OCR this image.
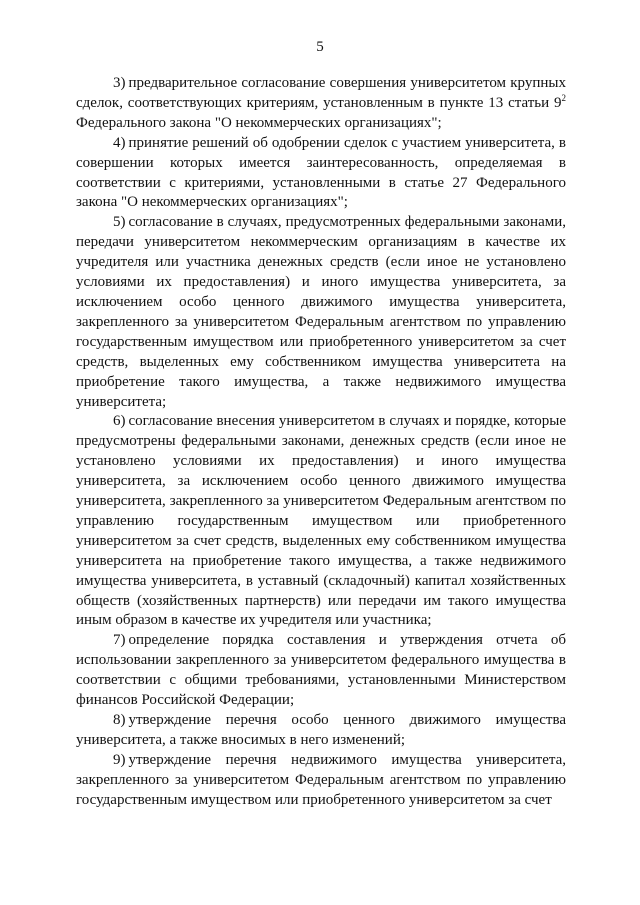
5

3) предварительное согласование совершения университетом крупных сделок, соответствующих критериям, установленным в пункте 13 статьи $9^2$ Федерального закона "О некоммерческих организациях";

4) принятие решений об одобрении сделок с участием университета, в совершении которых имеется заинтересованность, определяемая в соответствии с критериями, установленными в статье 27 Федерального закона "О некоммерческих организациях";

5) согласование в случаях, предусмотренных федеральными законами, передачи университетом некоммерческим организациям в качестве их учредителя или участника денежных средств (если иное не установлено условиями их предоставления) и иного имущества университета, за исключением особо ценного движимого имущества университета, закрепленного за университетом Федеральным агентством по управлению государственным имуществом или приобретенного университетом за счет средств, выделенных ему собственником имущества университета на приобретение такого имущества, а также недвижимого имущества университета;

6) согласование внесения университетом в случаях и порядке, которые предусмотрены федеральными законами, денежных средств (если иное не установлено условиями их предоставления) и иного имущества университета, за исключением особо ценного движимого имущества университета, закрепленного за университетом Федеральным агентством по управлению государственным имуществом или приобретенного университетом за счет средств, выделенных ему собственником имущества университета на приобретение такого имущества, а также недвижимого имущества университета, в уставный (складочный) капитал хозяйственных обществ (хозяйственных партнерств) или передачи им такого имущества иным образом в качестве их учредителя или участника;

7) определение порядка составления и утверждения отчета об использовании закрепленного за университетом федерального имущества в соответствии с общими требованиями, установленными Министерством финансов Российской Федерации;

8) утверждение перечня особо ценного движимого имущества университета, а также вносимых в него изменений;

9) утверждение перечня недвижимого имущества университета, закрепленного за университетом Федеральным агентством по управлению государственным имуществом или приобретенного университетом за счет
